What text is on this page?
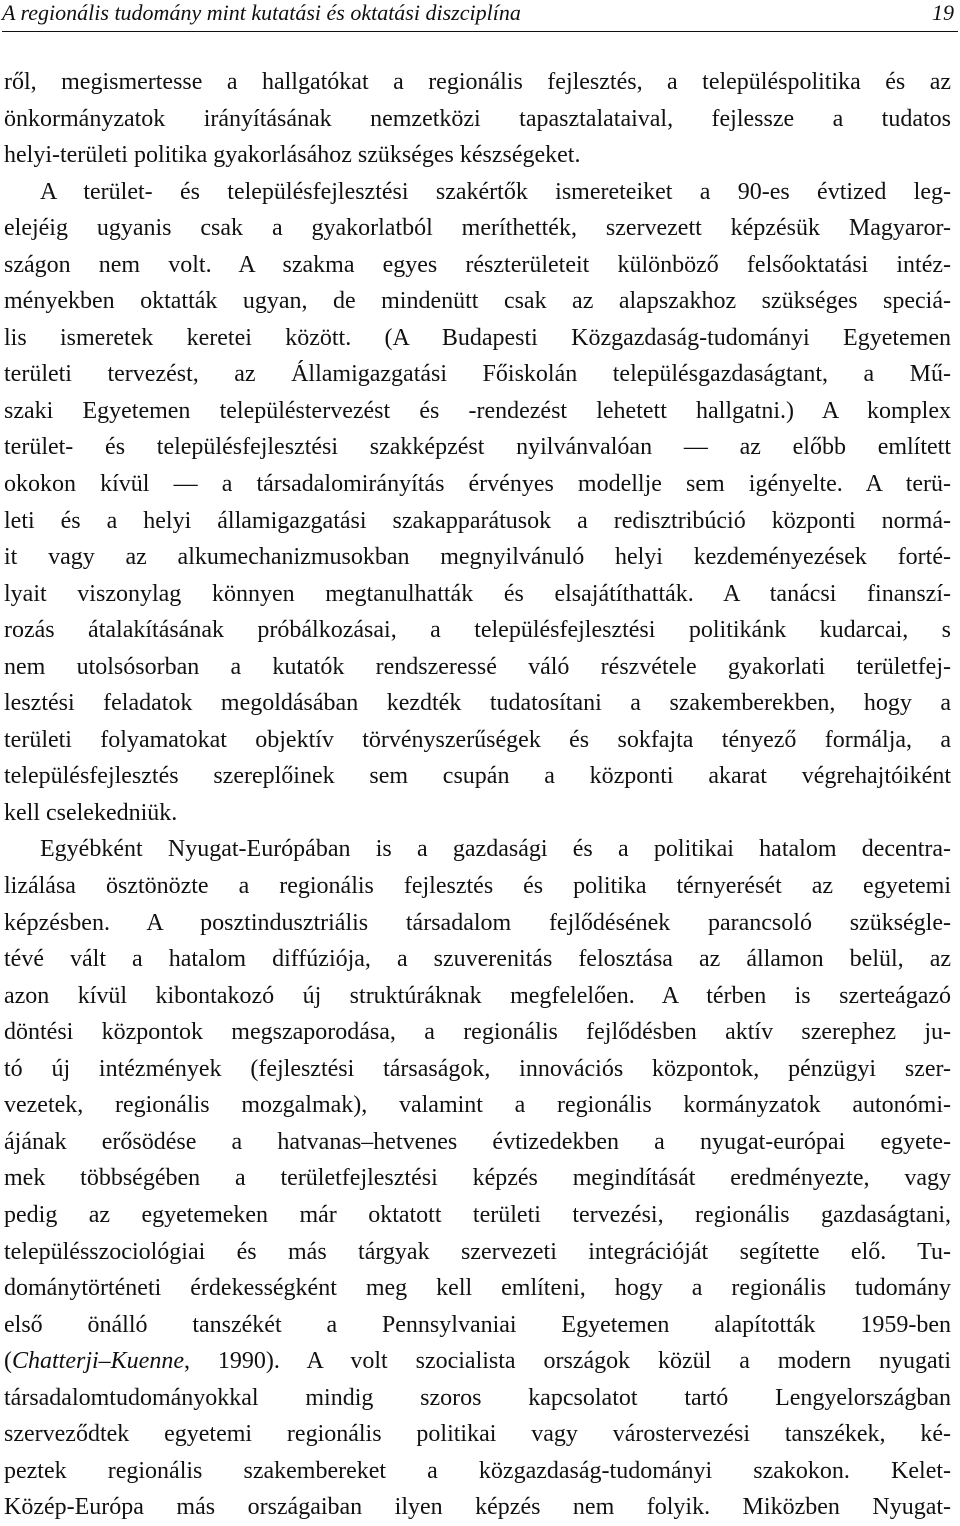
A regionális tudomány mint kutatási és oktatási diszciplína	19
ről, megismertesse a hallgatókat a regionális fejlesztés, a településpolitika és az
önkormányzatok irányításának nemzetközi tapasztalataival, fejlessze a tudatos
helyi-területi politika gyakorlásához szükséges készségeket.
A terület- és településfejlesztési szakértők ismereteiket a 90-es évtized leg-
elejéig ugyanis csak a gyakorlatból meríthették, szervezett képzésük Magyaror-
szágon nem volt. A szakma egyes részterületeit különböző felsőoktatási intéz-
ményekben oktatták ugyan, de mindenütt csak az alapszakhoz szükséges speciá-
lis ismeretek keretei között. (A Budapesti Közgazdaság-tudományi Egyetemen
területi tervezést, az Államigazgatási Főiskolán településgazdaságtant, a Mű-
szaki Egyetemen településtervezést és -rendezést lehetett hallgatni.) A komplex
terület- és településfejlesztési szakképzést nyilvánvalóan — az előbb említett
okokon kívül — a társadalomirányítás érvényes modellje sem igényelte. A terü-
leti és a helyi államigazgatási szakapparátusok a redisztribúció központi normá-
it vagy az alkumechanizmusokban megnyilvánuló helyi kezdeményezések forté-
lyait viszonylag könnyen megtanulhatták és elsajátíthatták. A tanácsi finanszí-
rozás átalakításának próbálkozásai, a településfejlesztési politikánk kudarcai, s
nem utolsósorban a kutatók rendszeressé váló részvétele gyakorlati területfej-
lesztési feladatok megoldásában kezdték tudatosítani a szakemberekben, hogy a
területi folyamatokat objektív törvényszerűségek és sokfajta tényező formálja, a
településfejlesztés szereplőinek sem csupán a központi akarat végrehajtóiként
kell cselekedniük.
Egyébként Nyugat-Európában is a gazdasági és a politikai hatalom decentra-
lizálása ösztönözte a regionális fejlesztés és politika térnyerését az egyetemi
képzésben. A posztindusztriális társadalom fejlődésének parancsoló szükségle-
tévé vált a hatalom diffúziója, a szuverenitás felosztása az államon belül, az
azon kívül kibontakozó új struktúráknak megfelelően. A térben is szerteágazó
döntési központok megszaporodása, a regionális fejlődésben aktív szerephez ju-
tó új intézmények (fejlesztési társaságok, innovációs központok, pénzügyi szer-
vezetek, regionális mozgalmak), valamint a regionális kormányzatok autonómi-
ájának erősödése a hatvanas–hetvenes évtizedekben a nyugat-európai egyete-
mek többségében a területfejlesztési képzés megindítását eredményezte, vagy
pedig az egyetemeken már oktatott területi tervezési, regionális gazdaságtani,
településszociológiai és más tárgyak szervezeti integrációját segítette elő. Tu-
dománytörténeti érdekességként meg kell említeni, hogy a regionális tudomány
első önálló tanszékét a Pennsylvaniai Egyetemen alapították 1959-ben
(Chatterji–Kuenne, 1990). A volt szocialista országok közül a modern nyugati
társadalomtudományokkal mindig szoros kapcsolatot tartó Lengyelországban
szerveződtek egyetemi regionális politikai vagy várostervezési tanszékek, ké-
peztek regionális szakembereket a közgazdaság-tudományi szakokon. Kelet-
Közép-Európa más országaiban ilyen képzés nem folyik. Miközben Nyugat-
